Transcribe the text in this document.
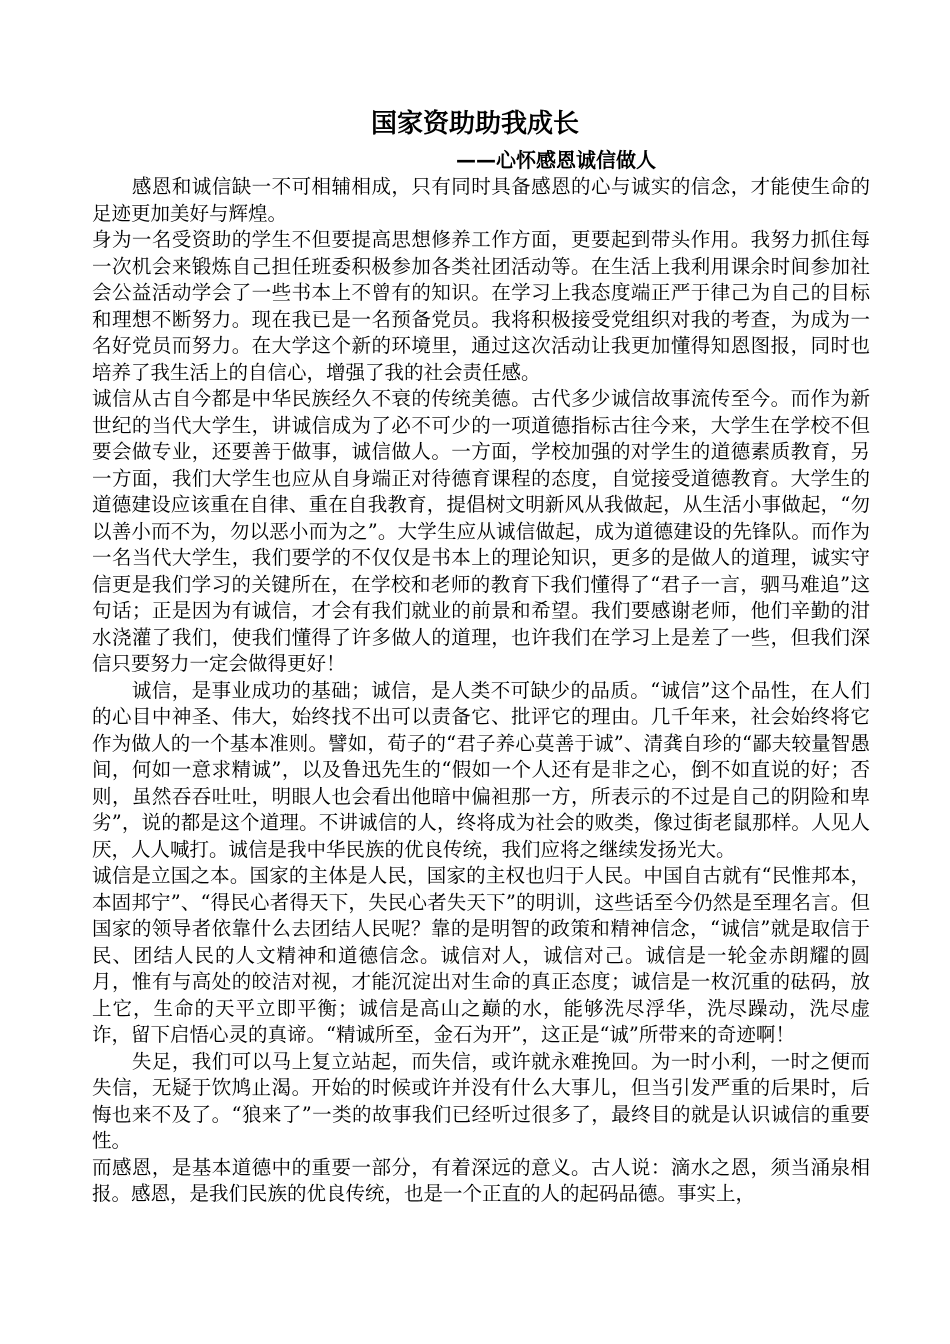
国家资助助我成长
——心怀感恩诚信做人

　　感恩和诚信缺一不可相辅相成，只有同时具备感恩的心与诚实的信念，才能使生命的足迹更加美好与辉煌。

身为一名受资助的学生不但要提高思想修养工作方面，更要起到带头作用。我努力抓住每一次机会来锻炼自己担任班委积极参加各类社团活动等。在生活上我利用课余时间参加社会公益活动学会了一些书本上不曾有的知识。在学习上我态度端正严于律己为自己的目标和理想不断努力。现在我已是一名预备党员。我将积极接受党组织对我的考查，为成为一名好党员而努力。在大学这个新的环境里，通过这次活动让我更加懂得知恩图报，同时也培养了我生活上的自信心，增强了我的社会责任感。

诚信从古自今都是中华民族经久不衰的传统美德。古代多少诚信故事流传至今。而作为新世纪的当代大学生，讲诚信成为了必不可少的一项道德指标古往今来，大学生在学校不但要会做专业，还要善于做事，诚信做人。一方面，学校加强的对学生的道德素质教育，另一方面，我们大学生也应从自身端正对待德育课程的态度，自觉接受道德教育。大学生的道德建设应该重在自律、重在自我教育，提倡树文明新风从我做起，从生活小事做起，“勿以善小而不为，勿以恶小而为之”。大学生应从诚信做起，成为道德建设的先锋队。而作为一名当代大学生，我们要学的不仅仅是书本上的理论知识，更多的是做人的道理，诚实守信更是我们学习的关键所在，在学校和老师的教育下我们懂得了“君子一言，驷马难追”这句话；正是因为有诚信，才会有我们就业的前景和希望。我们要感谢老师，他们辛勤的泔水浇灌了我们，使我们懂得了许多做人的道理，也许我们在学习上是差了一些，但我们深信只要努力一定会做得更好！

　　诚信，是事业成功的基础；诚信，是人类不可缺少的品质。“诚信”这个品性，在人们的心目中神圣、伟大，始终找不出可以责备它、批评它的理由。几千年来，社会始终将它作为做人的一个基本准则。譬如，荀子的“君子养心莫善于诚”、清龚自珍的“鄙夫较量智愚间，何如一意求精诚”，以及鲁迅先生的“假如一个人还有是非之心，倒不如直说的好；否则，虽然吞吞吐吐，明眼人也会看出他暗中偏袒那一方，所表示的不过是自己的阴险和卑劣”，说的都是这个道理。不讲诚信的人，终将成为社会的败类，像过街老鼠那样。人见人厌，人人喊打。诚信是我中华民族的优良传统，我们应将之继续发扬光大。

诚信是立国之本。国家的主体是人民，国家的主权也归于人民。中国自古就有“民惟邦本，本固邦宁”、“得民心者得天下，失民心者失天下”的明训，这些话至今仍然是至理名言。但国家的领导者依靠什么去团结人民呢？靠的是明智的政策和精神信念，“诚信”就是取信于民、团结人民的人文精神和道德信念。诚信对人，诚信对己。诚信是一轮金赤朗耀的圆月，惟有与高处的皎洁对视，才能沉淀出对生命的真正态度；诚信是一枚沉重的砝码，放上它，生命的天平立即平衡；诚信是高山之巅的水，能够洗尽浮华，洗尽躁动，洗尽虚诈，留下启悟心灵的真谛。“精诚所至，金石为开”，这正是“诚”所带来的奇迹啊！

　　失足，我们可以马上复立站起，而失信，或许就永难挽回。为一时小利，一时之便而失信，无疑于饮鸠止渴。开始的时候或许并没有什么大事儿，但当引发严重的后果时，后悔也来不及了。“狼来了”一类的故事我们已经听过很多了，最终目的就是认识诚信的重要性。

而感恩，是基本道德中的重要一部分，有着深远的意义。古人说：滴水之恩，须当涌泉相报。感恩，是我们民族的优良传统，也是一个正直的人的起码品德。事实上，
